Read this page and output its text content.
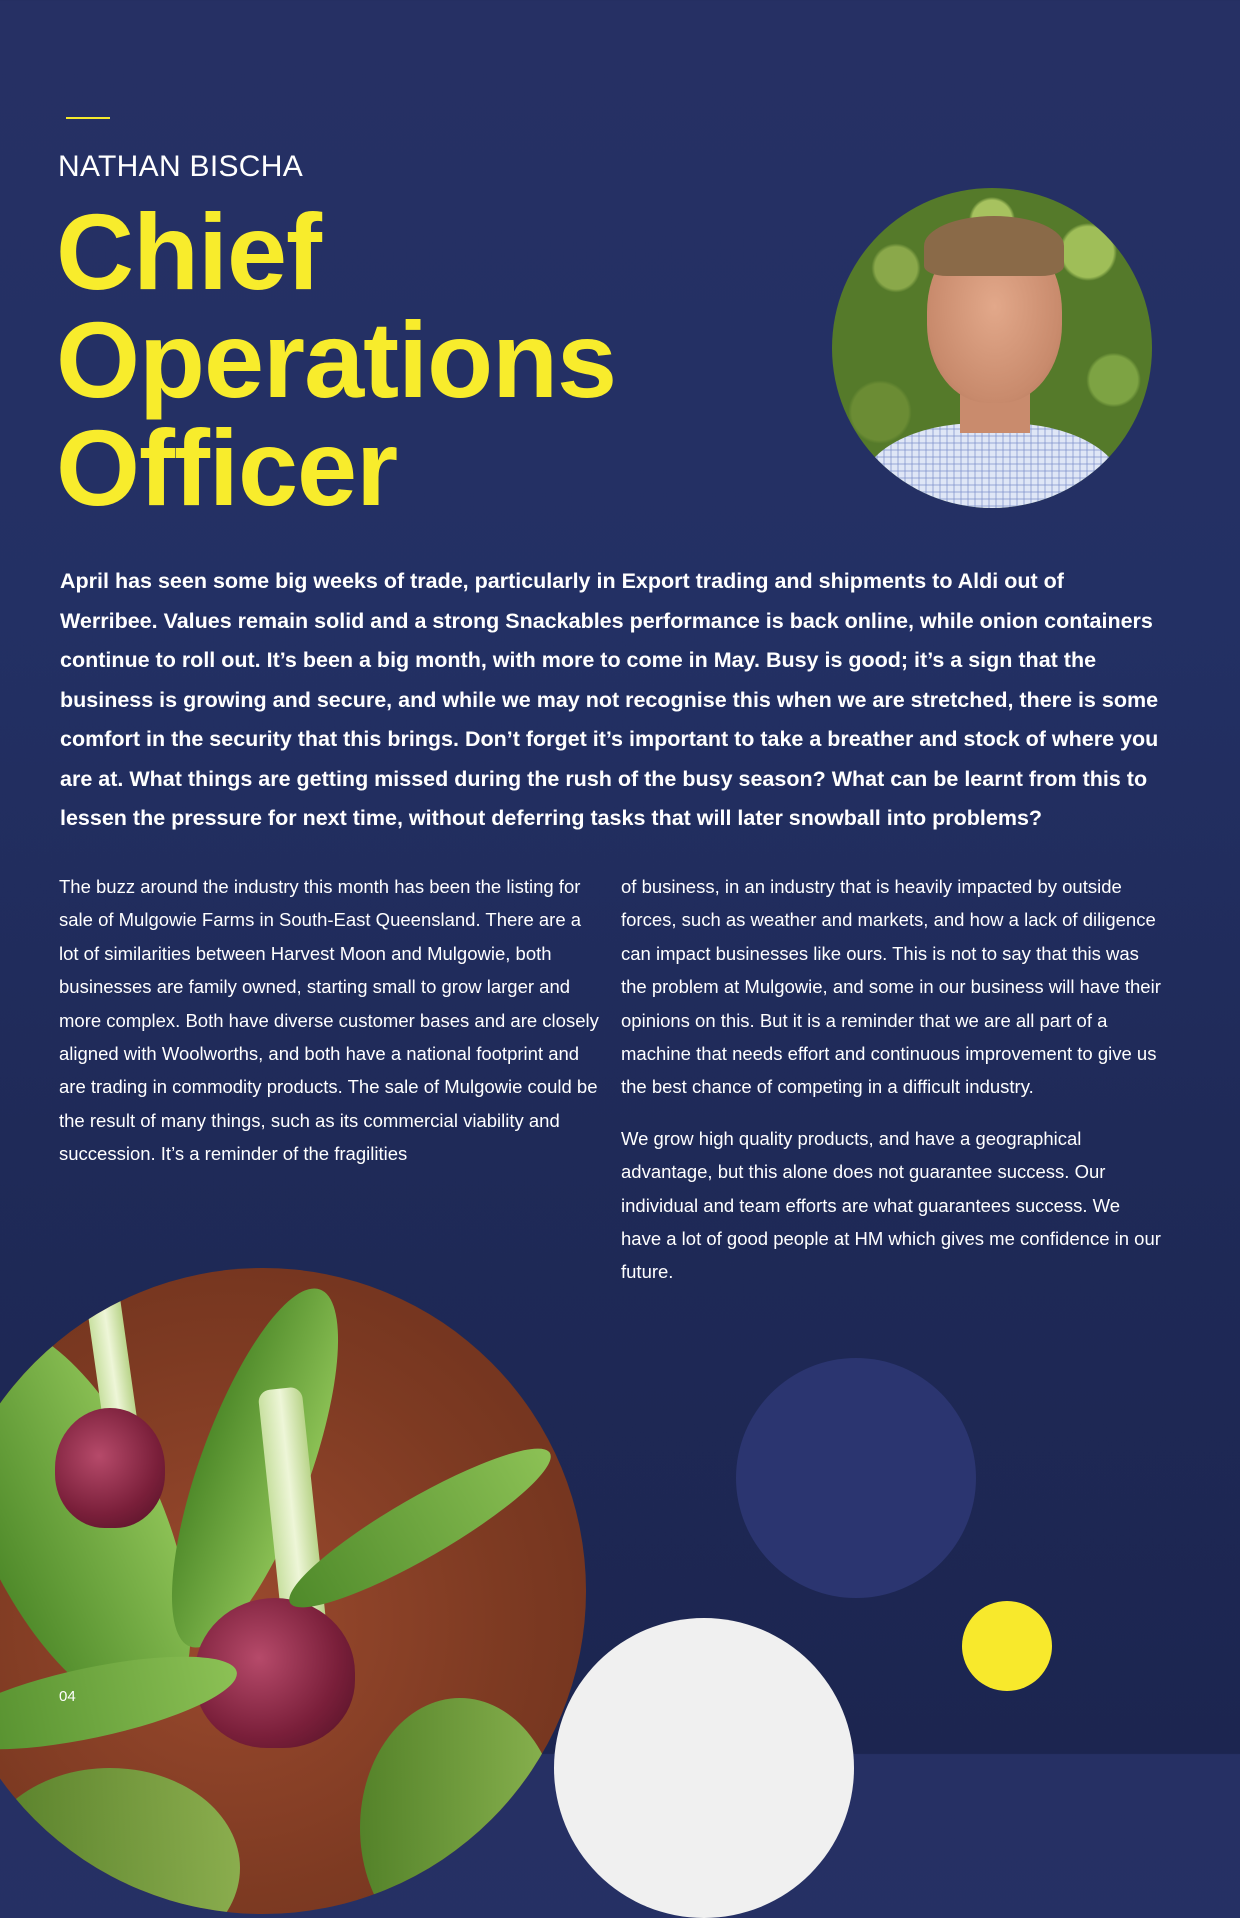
NATHAN BISCHA
Chief
Operations
Officer

April has seen some big weeks of trade, particularly in Export trading and shipments to Aldi out of Werribee. Values remain solid and a strong Snackables performance is back online, while onion containers continue to roll out. It’s been a big month, with more to come in May. Busy is good; it’s a sign that the business is growing and secure, and while we may not recognise this when we are stretched, there is some comfort in the security that this brings. Don’t forget it’s important to take a breather and stock of where you are at. What things are getting missed during the rush of the busy season? What can be learnt from this to lessen the pressure for next time, without deferring tasks that will later snowball into problems?

The buzz around the industry this month has been the listing for sale of Mulgowie Farms in South-East Queensland. There are a lot of similarities between Harvest Moon and Mulgowie, both businesses are family owned, starting small to grow larger and more complex. Both have diverse customer bases and are closely aligned with Woolworths, and both have a national footprint and are trading in commodity products. The sale of Mulgowie could be the result of many things, such as its commercial viability and succession. It’s a reminder of the fragilities

of business, in an industry that is heavily impacted by outside forces, such as weather and markets, and how a lack of diligence can impact businesses like ours. This is not to say that this was the problem at Mulgowie, and some in our business will have their opinions on this. But it is a reminder that we are all part of a machine that needs effort and continuous improvement to give us the best chance of competing in a difficult industry.

We grow high quality products, and have a geographical advantage, but this alone does not guarantee success. Our individual and team efforts are what guarantees success. We have a lot of good people at HM which gives me confidence in our future.

04
